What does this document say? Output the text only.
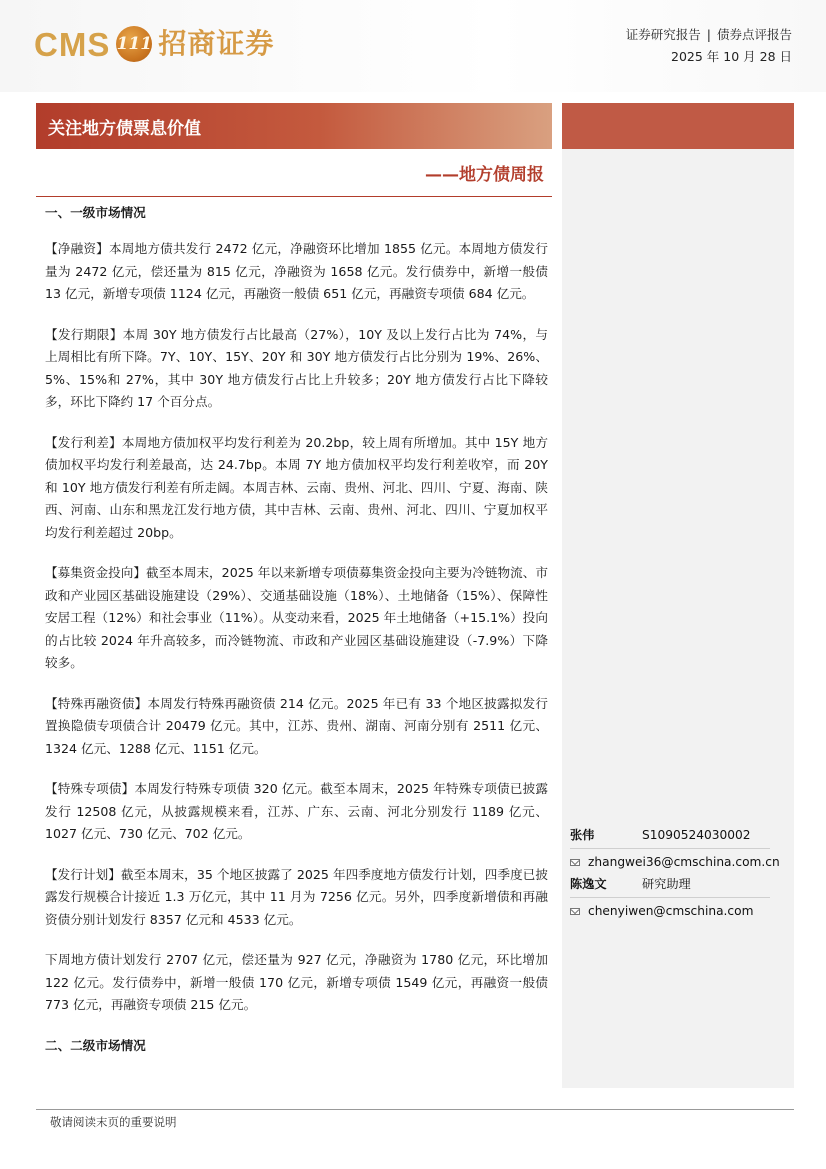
CMS 111 招商证券	证券研究报告 | 债券点评报告
2025 年 10 月 28 日
关注地方债票息价值
——地方债周报
一、一级市场情况

【净融资】本周地方债共发行 2472 亿元，净融资环比增加 1855 亿元。本周地方债发行量为 2472 亿元，偿还量为 815 亿元，净融资为 1658 亿元。发行债券中，新增一般债 13 亿元，新增专项债 1124 亿元，再融资一般债 651 亿元，再融资专项债 684 亿元。

【发行期限】本周 30Y 地方债发行占比最高（27%），10Y 及以上发行占比为 74%，与上周相比有所下降。7Y、10Y、15Y、20Y 和 30Y 地方债发行占比分别为 19%、26%、5%、15%和 27%，其中 30Y 地方债发行占比上升较多；20Y 地方债发行占比下降较多，环比下降约 17 个百分点。

【发行利差】本周地方债加权平均发行利差为 20.2bp，较上周有所增加。其中 15Y 地方债加权平均发行利差最高，达 24.7bp。本周 7Y 地方债加权平均发行利差收窄，而 20Y 和 10Y 地方债发行利差有所走阔。本周吉林、云南、贵州、河北、四川、宁夏、海南、陕西、河南、山东和黑龙江发行地方债，其中吉林、云南、贵州、河北、四川、宁夏加权平均发行利差超过 20bp。

【募集资金投向】截至本周末，2025 年以来新增专项债募集资金投向主要为冷链物流、市政和产业园区基础设施建设（29%）、交通基础设施（18%）、土地储备（15%）、保障性安居工程（12%）和社会事业（11%）。从变动来看，2025 年土地储备（+15.1%）投向的占比较 2024 年升高较多，而冷链物流、市政和产业园区基础设施建设（-7.9%）下降较多。

【特殊再融资债】本周发行特殊再融资债 214 亿元。2025 年已有 33 个地区披露拟发行置换隐债专项债合计 20479 亿元。其中，江苏、贵州、湖南、河南分别有 2511 亿元、1324 亿元、1288 亿元、1151 亿元。

【特殊专项债】本周发行特殊专项债 320 亿元。截至本周末，2025 年特殊专项债已披露发行 12508 亿元，从披露规模来看，江苏、广东、云南、河北分别发行 1189 亿元、1027 亿元、730 亿元、702 亿元。

【发行计划】截至本周末，35 个地区披露了 2025 年四季度地方债发行计划，四季度已披露发行规模合计接近 1.3 万亿元，其中 11 月为 7256 亿元。另外，四季度新增债和再融资债分别计划发行 8357 亿元和 4533 亿元。

下周地方债计划发行 2707 亿元，偿还量为 927 亿元，净融资为 1780 亿元，环比增加 122 亿元。发行债券中，新增一般债 170 亿元，新增专项债 1549 亿元，再融资一般债 773 亿元，再融资专项债 215 亿元。

二、二级市场情况
张伟	S1090524030002
zhangwei36@cmschina.com.cn
陈逸文	研究助理
chenyiwen@cmschina.com
敬请阅读末页的重要说明
